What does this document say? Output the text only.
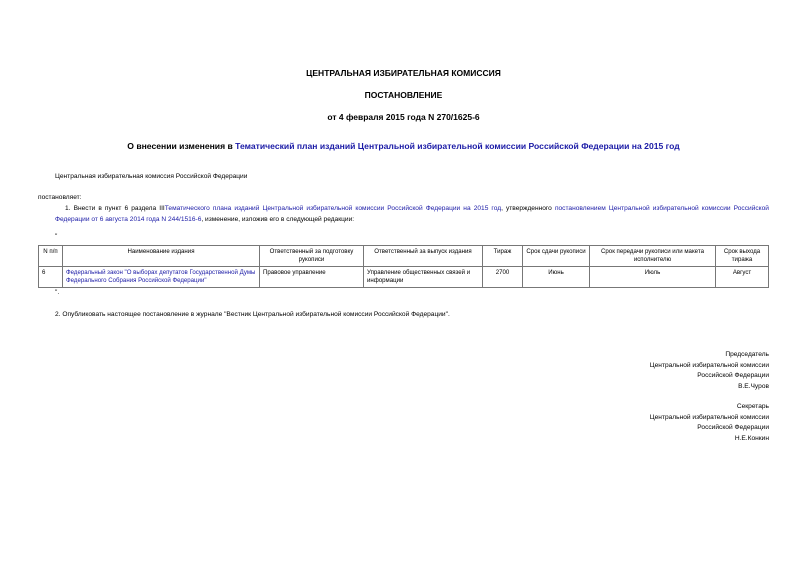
ЦЕНТРАЛЬНАЯ ИЗБИРАТЕЛЬНАЯ КОМИССИЯ
ПОСТАНОВЛЕНИЕ
от 4 февраля 2015 года N 270/1625-6
О внесении изменения в Тематический план изданий Центральной избирательной комиссии Российской Федерации на 2015 год
Центральная избирательная комиссия Российской Федерации
постановляет:
1. Внести в пункт 6 раздела IIIТематического плана изданий Центральной избирательной комиссии Российской Федерации на 2015 год, утвержденного постановлением Центральной избирательной комиссии Российской Федерации от 6 августа 2014 года N 244/1516-6, изменение, изложив его в следующей редакции:
"
N п/п	Наименование издания	Ответственный за подготовку рукописи	Ответственный за выпуск издания	Тираж	Срок сдачи рукописи	Срок передачи рукописи или макета исполнителю	Срок выхода тиража
6	Федеральный закон "О выборах депутатов Государственной Думы Федерального Собрания Российской Федерации"	Правовое управление	Управление общественных связей и информации	2700	Июнь	Июль	Август
".
2. Опубликовать настоящее постановление в журнале "Вестник Центральной избирательной комиссии Российской Федерации".
Председатель
Центральной избирательной комиссии
Российской Федерации
В.Е.Чуров
Секретарь
Центральной избирательной комиссии
Российской Федерации
Н.Е.Конкин
